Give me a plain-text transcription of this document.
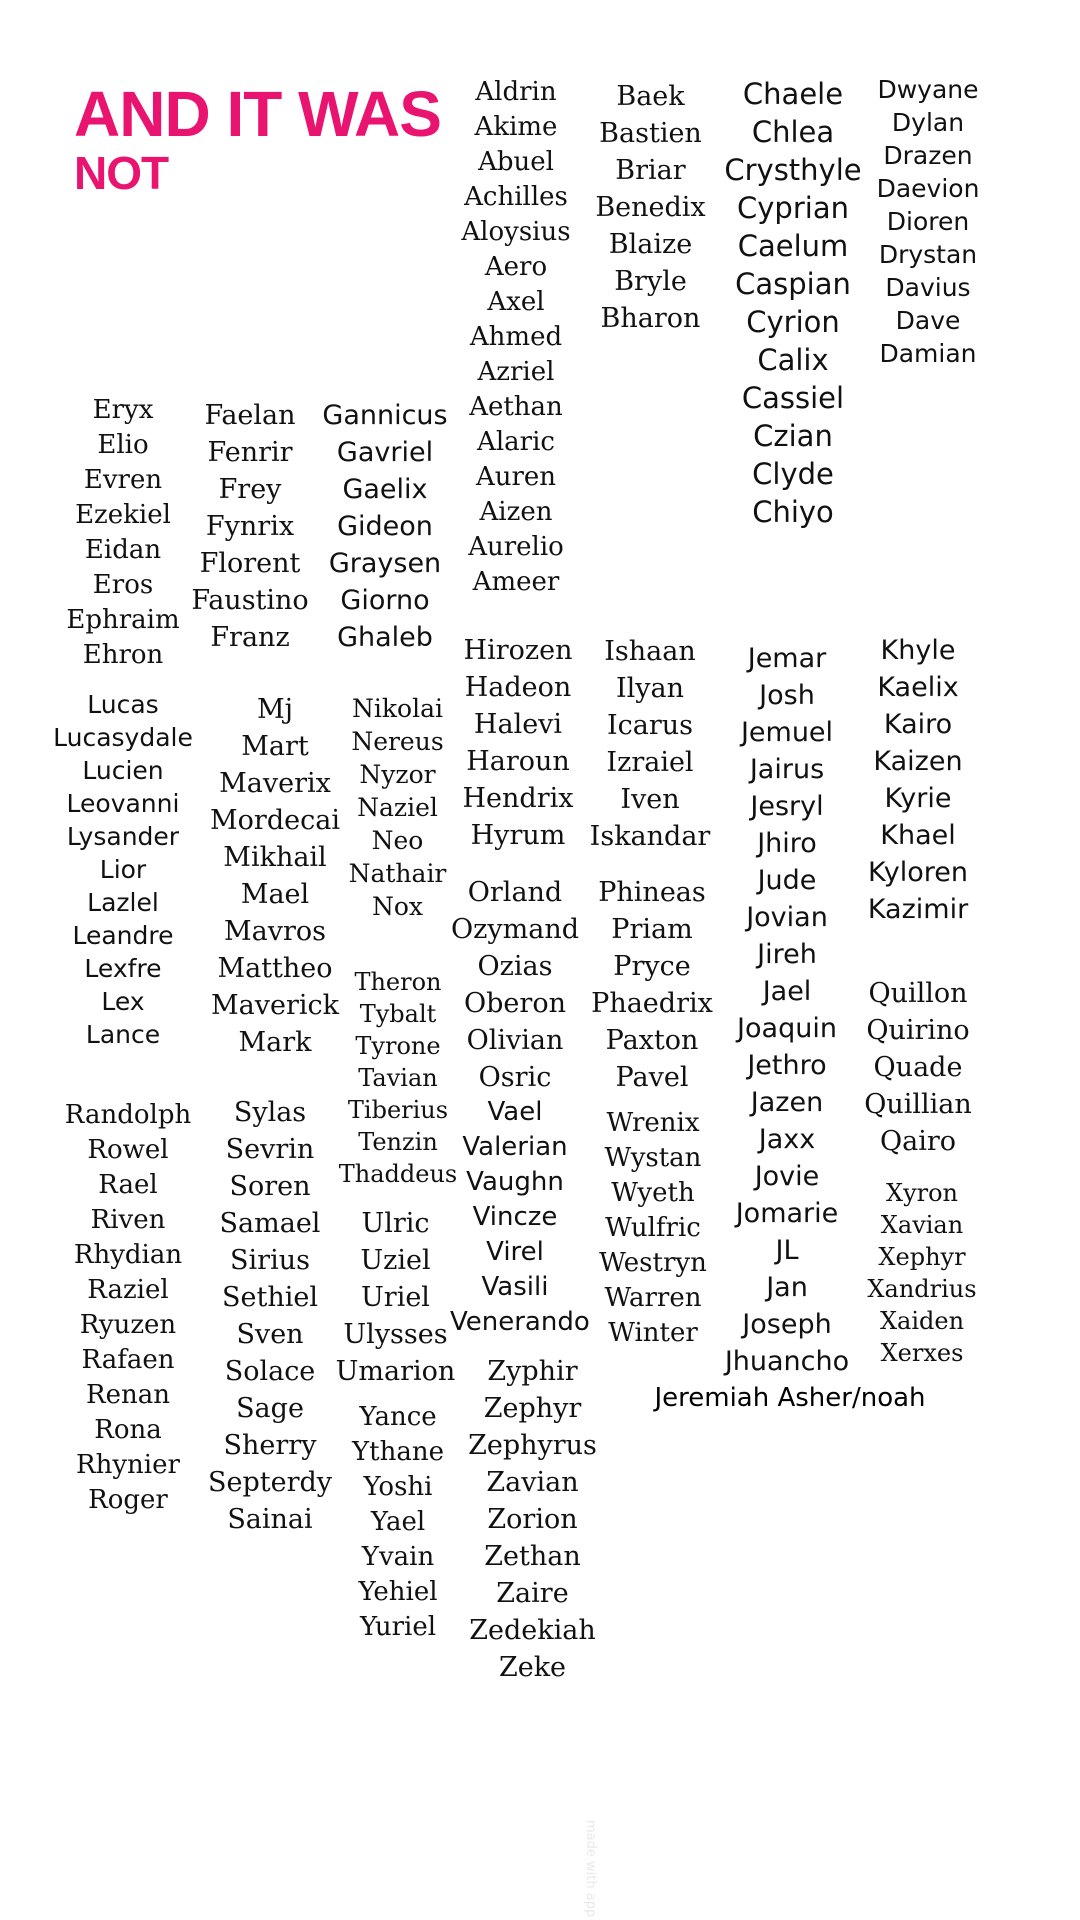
AND IT WAS
NOT
Aldrin
Akime
Abuel
Achilles
Aloysius
Aero
Axel
Ahmed
Azriel
Aethan
Alaric
Auren
Aizen
Aurelio
Ameer
Baek
Bastien
Briar
Benedix
Blaize
Bryle
Bharon
Chaele
Chlea
Crysthyle
Cyprian
Caelum
Caspian
Cyrion
Calix
Cassiel
Czian
Clyde
Chiyo
Dwyane
Dylan
Drazen
Daevion
Dioren
Drystan
Davius
Dave
Damian
Eryx
Elio
Evren
Ezekiel
Eidan
Eros
Ephraim
Ehron
Faelan
Fenrir
Frey
Fynrix
Florent
Faustino
Franz
Gannicus
Gavriel
Gaelix
Gideon
Graysen
Giorno
Ghaleb	Hirozen
Hadeon
Halevi
Haroun
Hendrix
Hyrum
Ishaan
Ilyan
Icarus
Izraiel
Iven
Iskandar
Jemar
Josh
Jemuel
Jairus
Jesryl
Jhiro
Jude
Jovian
Jireh
Jael
Joaquin
Jethro
Jazen
Jaxx
Jovie
Jomarie
JL
Jan
Joseph
Jhuancho
Jeremiah Asher/noah
Khyle
Kaelix
Kairo
Kaizen
Kyrie
Khael
Kyloren
Kazimir
Lucas
Lucasydale
Lucien
Leovanni
Lysander
Lior
Lazlel
Leandre
Lexfre
Lex
Lance
Mj
Mart
Maverix
Mordecai
Mikhail
Mael
Mavros
Mattheo
Maverick
Mark
Nikolai
Nereus
Nyzor
Naziel
Neo
Nathair
Nox	Orland
Ozymand
Ozias
Oberon
Olivian
Osric
Phineas
Priam
Pryce
Phaedrix
Paxton
Pavel
Quillon
Quirino
Quade
Quillian
Qairo
Randolph
Rowel
Rael
Riven
Rhydian
Raziel
Ryuzen
Rafaen
Renan
Rona
Rhynier
Roger
Sylas
Sevrin
Soren
Samael
Sirius
Sethiel
Sven
Solace
Sage
Sherry
Septerdy
Sainai
Theron
Tybalt
Tyrone
Tavian
Tiberius
Tenzin
Thaddeus
Ulric
Uziel
Uriel
Ulysses
Umarion
Vael
Valerian
Vaughn
Vincze
Virel
Vasili
Venerando
Wrenix
Wystan
Wyeth
Wulfric
Westryn
Warren
Winter
Xyron
Xavian
Xephyr
Xandrius
Xaiden
Xerxes
Yance
Ythane
Yoshi
Yael
Yvain
Yehiel
Yuriel
Zyphir
Zephyr
Zephyrus
Zavian
Zorion
Zethan
Zaire
Zedekiah
Zeke
made with app
